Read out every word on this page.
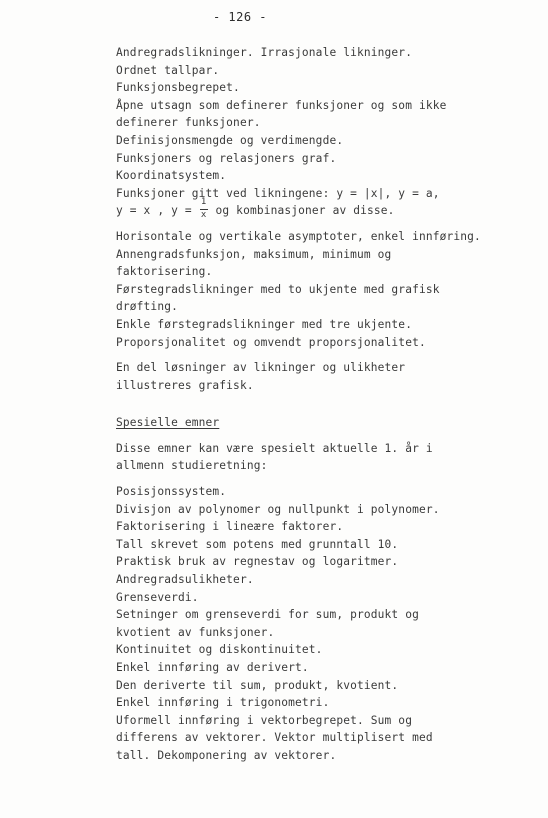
- 126 -
Andregradslikninger. Irrasjonale likninger.
Ordnet tallpar.
Funksjonsbegrepet.
Åpne utsagn som definerer funksjoner og som ikke
definerer funksjoner.
Definisjonsmengde og verdimengde.
Funksjoners og relasjoners graf.
Koordinatsystem.
Funksjoner gitt ved likningene: y = |x|, y = a,
y = x , $y = \frac{1}{x}$ og kombinasjoner av disse.
Horisontale og vertikale asymptoter, enkel innføring.
Annengradsfunksjon, maksimum, minimum og
faktorisering.
Førstegradslikninger med to ukjente med grafisk
drøfting.
Enkle førstegradslikninger med tre ukjente.
Proporsjonalitet og omvendt proporsjonalitet.
En del løsninger av likninger og ulikheter
illustreres grafisk.
Spesielle emner
Disse emner kan være spesielt aktuelle 1. år i
allmenn studieretning:
Posisjonssystem.
Divisjon av polynomer og nullpunkt i polynomer.
Faktorisering i lineære faktorer.
Tall skrevet som potens med grunntall 10.
Praktisk bruk av regnestav og logaritmer.
Andregradsulikheter.
Grenseverdi.
Setninger om grenseverdi for sum, produkt og
kvotient av funksjoner.
Kontinuitet og diskontinuitet.
Enkel innføring av derivert.
Den deriverte til sum, produkt, kvotient.
Enkel innføring i trigonometri.
Uformell innføring i vektorbegrepet. Sum og
differens av vektorer. Vektor multiplisert med
tall. Dekomponering av vektorer.
